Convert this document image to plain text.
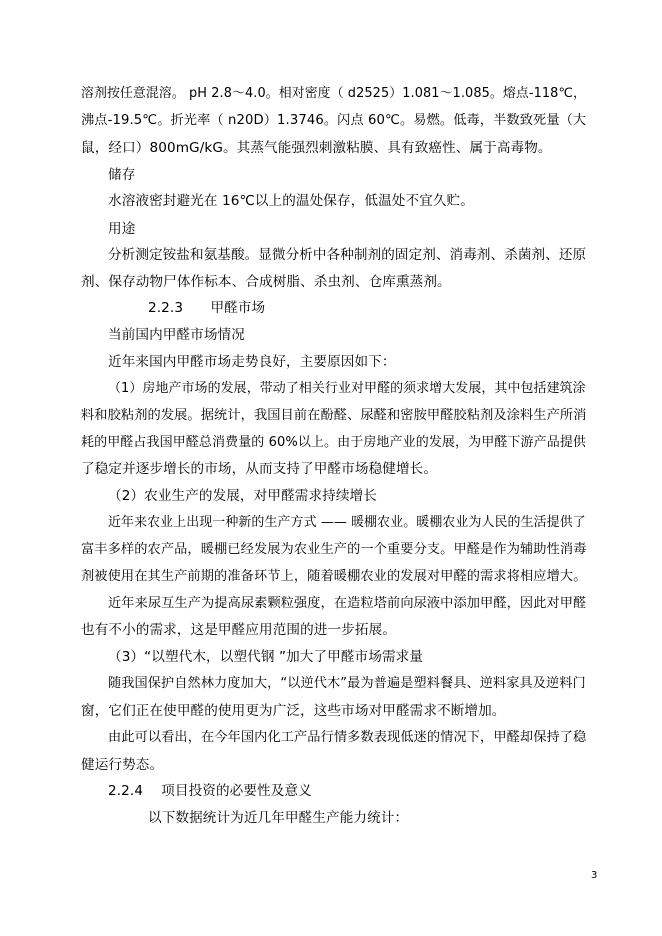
溶剂按任意混溶。 pH 2.8～4.0。相对密度（ d2525）1.081～1.085。熔点-118℃，
沸点-19.5℃。折光率（ n20D）1.3746。闪点 60℃。易燃。低毒，半数致死量（大
鼠，经口）800mG/kG。其蒸气能强烈刺激粘膜、具有致癌性、属于高毒物。
储存
水溶液密封避光在 16℃以上的温处保存，低温处不宜久贮。
用途
分析测定铵盐和氨基酸。显微分析中各种制剂的固定剂、消毒剂、杀菌剂、还原
剂、保存动物尸体作标本、合成树脂、杀虫剂、仓库熏蒸剂。
2.2.3　　甲醛市场
当前国内甲醛市场情况
近年来国内甲醛市场走势良好，主要原因如下：
（1）房地产市场的发展，带动了相关行业对甲醛的须求增大发展，其中包括建筑涂
料和胶粘剂的发展。据统计，我国目前在酚醛、尿醛和密胺甲醛胶粘剂及涂料生产所消
耗的甲醛占我国甲醛总消费量的 60%以上。由于房地产业的发展，为甲醛下游产品提供
了稳定并逐步增长的市场，从而支持了甲醛市场稳健增长。
（2）农业生产的发展，对甲醛需求持续增长
近年来农业上出现一种新的生产方式 —— 暖棚农业。暖棚农业为人民的生活提供了
富丰多样的农产品，暖棚已经发展为农业生产的一个重要分支。甲醛是作为辅助性消毒
剂被使用在其生产前期的准备环节上，随着暖棚农业的发展对甲醛的需求将相应增大。
近年来尿互生产为提高尿素颗粒强度，在造粒塔前向尿液中添加甲醛，因此对甲醛
也有不小的需求，这是甲醛应用范围的进一步拓展。
（3）“以塑代木，以塑代钢 ”加大了甲醛市场需求量
随我国保护自然林力度加大，“以逆代木”最为普遍是塑料餐具、逆料家具及逆料门
窗，它们正在使甲醛的使用更为广泛，这些市场对甲醛需求不断增加。
由此可以看出，在今年国内化工产品行情多数表现低迷的情况下，甲醛却保持了稳
健运行势态。
2.2.4　 项目投资的必要性及意义
以下数据统计为近几年甲醛生产能力统计：
3
